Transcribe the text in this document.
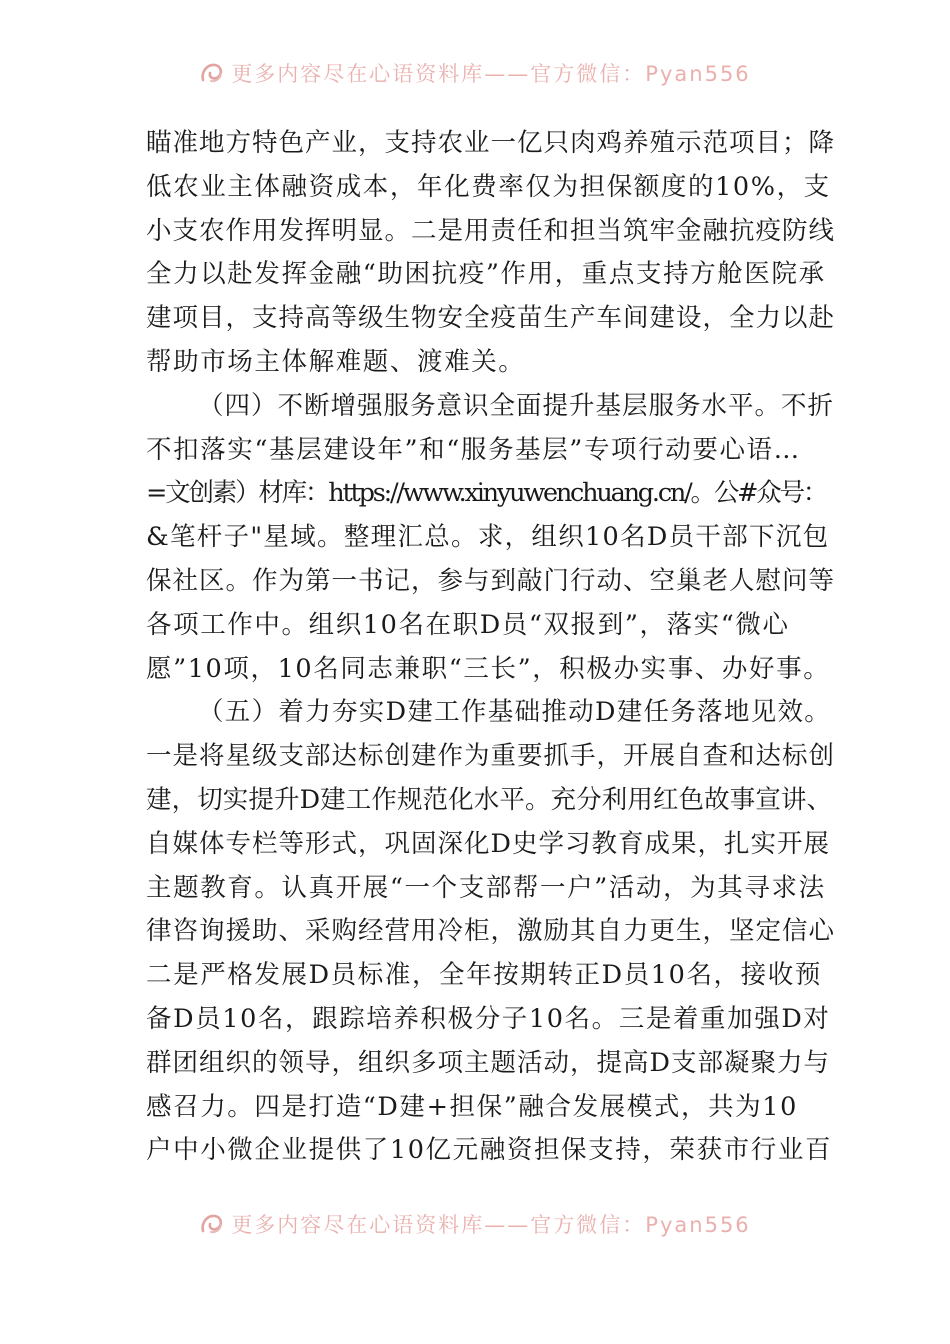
更多内容尽在心语资料库——官方微信：Pyan556
瞄准地方特色产业，支持农业一亿只肉鸡养殖示范项目；降
低农业主体融资成本，年化费率仅为担保额度的10%，支
小支农作用发挥明显。二是用责任和担当筑牢金融抗疫防线
全力以赴发挥金融“助困抗疫”作用，重点支持方舱医院承
建项目，支持高等级生物安全疫苗生产车间建设，全力以赴
帮助市场主体解难题、渡难关。
（四）不断增强服务意识全面提升基层服务水平。不折
不扣落实“基层建设年”和“服务基层”专项行动要心语…
=文创素）材库：https://www.xinyuwenchuang.cn/。公#众号：
&笔杆子"星域。整理汇总。求，组织10名D员干部下沉包
保社区。作为第一书记，参与到敲门行动、空巢老人慰问等
各项工作中。组织10名在职D员“双报到”，落实“微心
愿”10项，10名同志兼职“三长”，积极办实事、办好事。
（五）着力夯实D建工作基础推动D建任务落地见效。
一是将星级支部达标创建作为重要抓手，开展自查和达标创
建，切实提升D建工作规范化水平。充分利用红色故事宣讲、
自媒体专栏等形式，巩固深化D史学习教育成果，扎实开展
主题教育。认真开展“一个支部帮一户”活动，为其寻求法
律咨询援助、采购经营用冷柜，激励其自力更生，坚定信心
二是严格发展D员标准，全年按期转正D员10名，接收预
备D员10名，跟踪培养积极分子10名。三是着重加强D对
群团组织的领导，组织多项主题活动，提高D支部凝聚力与
感召力。四是打造“D建+担保”融合发展模式，共为10
户中小微企业提供了10亿元融资担保支持，荣获市行业百
更多内容尽在心语资料库——官方微信：Pyan556
